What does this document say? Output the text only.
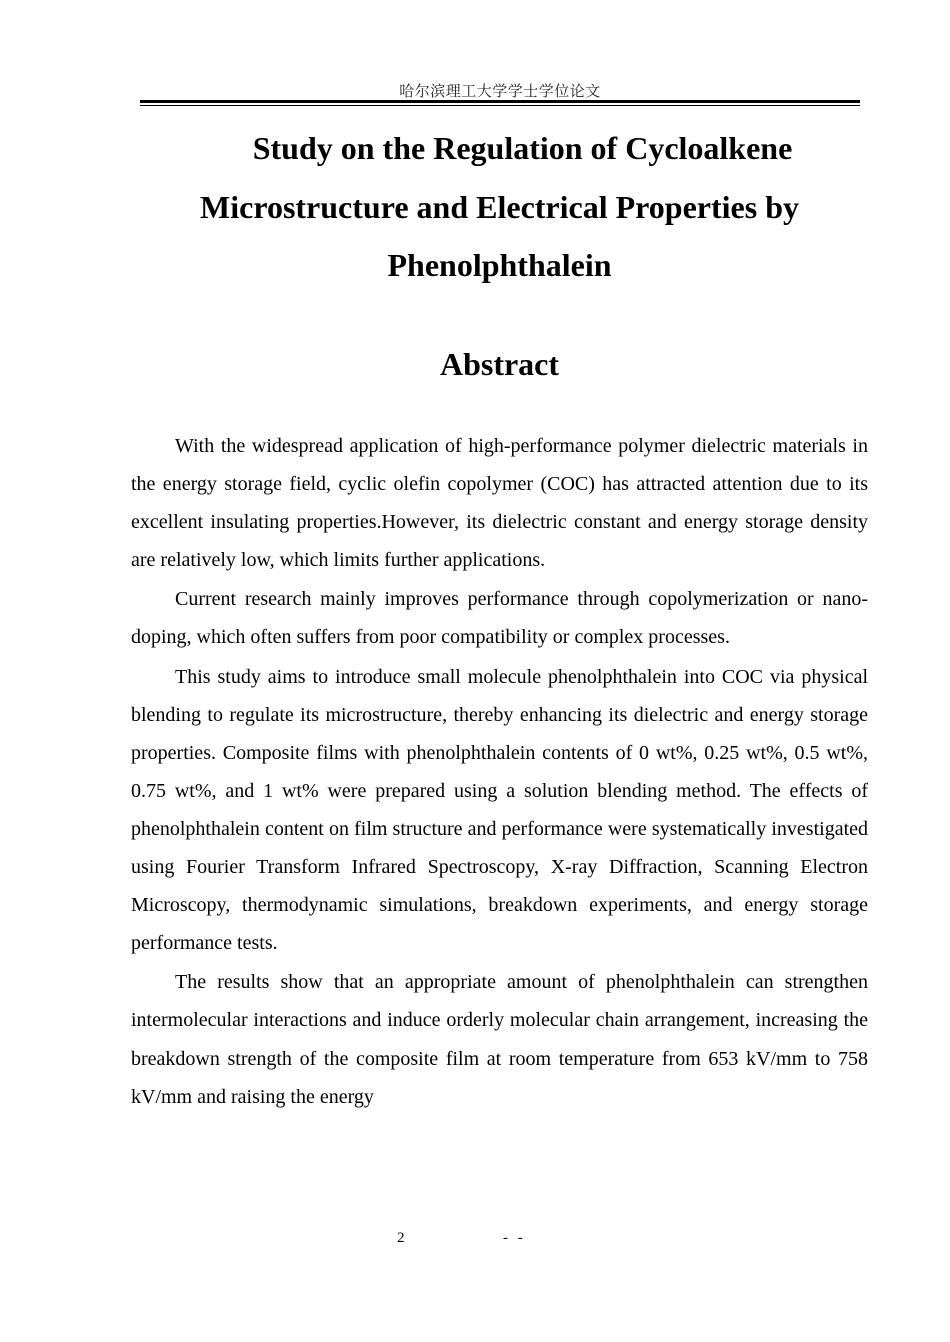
哈尔滨理工大学学士学位论文
Study on the Regulation of Cycloalkene
Microstructure and Electrical Properties by
Phenolphthalein
Abstract

With the widespread application of high-performance polymer dielectric materials in the energy storage field, cyclic olefin copolymer (COC) has attracted attention due to its excellent insulating properties.However, its dielectric constant and energy storage density are relatively low, which limits further applications.

Current research mainly improves performance through copolymerization or nano-doping, which often suffers from poor compatibility or complex processes.

This study aims to introduce small molecule phenolphthalein into COC via physical blending to regulate its microstructure, thereby enhancing its dielectric and energy storage properties. Composite films with phenolphthalein contents of 0 wt%, 0.25 wt%, 0.5 wt%, 0.75 wt%, and 1 wt% were prepared using a solution blending method. The effects of phenolphthalein content on film structure and performance were systematically investigated using Fourier Transform Infrared Spectroscopy, X-ray Diffraction, Scanning Electron Microscopy, thermodynamic simulations, breakdown experiments, and energy storage performance tests.

The results show that an appropriate amount of phenolphthalein can strengthen intermolecular interactions and induce orderly molecular chain arrangement, increasing the breakdown strength of the composite film at room temperature from 653 kV/mm to 758 kV/mm and raising the energy

2	- -
